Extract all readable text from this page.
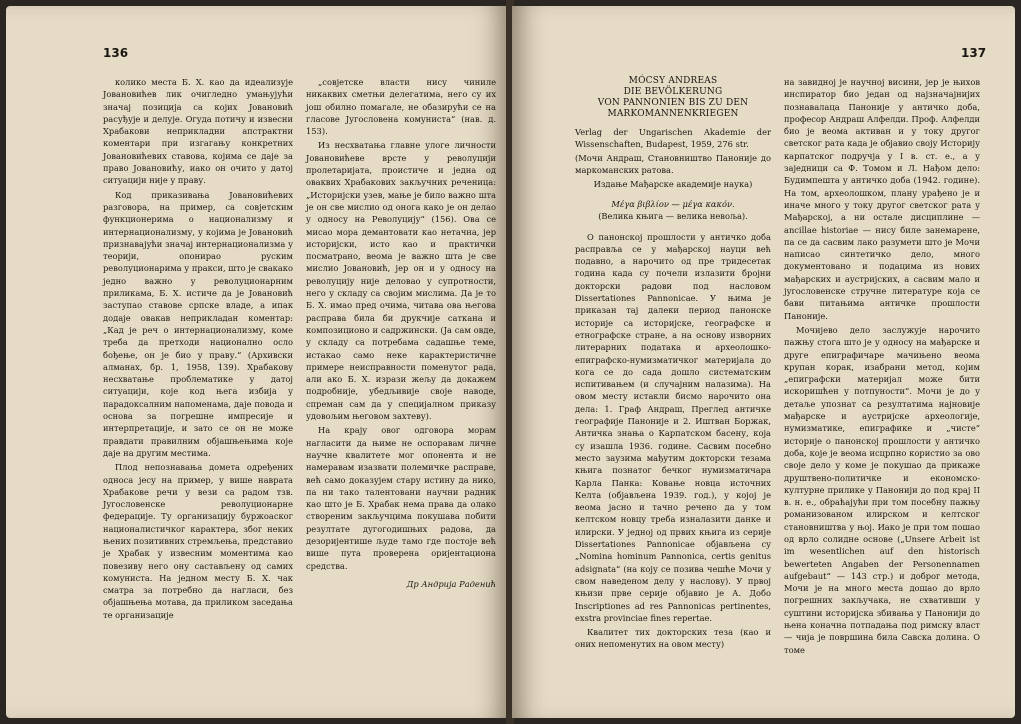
136

колико места Б. Х. као да идеализује Јовановићев лик очигледно умањујући значај позиција са којих Јовановић расуђује и делује. Огуда потичу и извесни Храбакови неприкладни апстрактни коментари при изгагању конкретних Јовановићевих ставова, којима се даје за право Јовановићу, иако он очито у датој ситуацији није у праву.

Код приказивања Јовановићевих разговора, на пример, са совјетским функционерима о национализму и интернационализму, у којима је Јовановић признавајући значај интернационализма у теорији, опонирао руским револуционарима у пракси, што је свакако једно важно у револуционарним приликама, Б. Х. истиче да је Јовановић заступао ставове српске владе, а ипак додаје овакав неприкладан коментар: „Кад је реч о интернационализму, коме треба да претходи национално осло бођење, он је био у праву.“ (Архивски алманах, бр. 1, 1958, 139). Храбакову несхватање проблематике у датој ситуацији, које код њега избија у парадоксалним напоменама, даје повода и основа за погрешне импресије и интерпретације, и зато се он не може правдати правилним објашњењима које даје на другим местима.

Плод непознавања домета одређених односа јесу на пример, у више наврата Храбакове речи у вези са радом тзв. Југословенске револуционарне федерације. Ту организацију буржоаског националистичког карактера, због неких њених позитивних стремљења, представио је Храбак у извесним моментима као повезиву него ону састављену од самих комуниста. На једном месту Б. Х. чак сматра за потребно да нагласи, без објашњења мотава, да приликом заседања те организације

„совјетске власти нису чиниле никаквих сметњи делегатима, него су их још обилно помагале, не обазирући се на гласове Југословена комуниста“ (нав. д. 153).

Из несхватања главне улоге личности Јовановићеве врсте у револуцији пролетаријата, проистиче и једна од оваквих Храбакових закључних реченица: „Историјски узев, мање је било важно шта је он све мислио од онога како је он делао у односу на Револуцију“ (156). Ова се мисао мора демантовати као нетачна, јер историјски, исто као и практички посматрано, веома је важно шта је све мислио Јовановић, јер он и у односу на револуцију није деловао у супротности, него у складу са својим мислима. Да је то Б. Х. имао пред очима, читава ова његова расправа била би друкчије саткана и композиционо и садржински. (Ја сам овде, у складу са потребама садашње теме, истакао само неке карактеристичне примере неисправности поменутог рада, али ако Б. Х. изрази жељу да докажем подробније, убедљивије своје наводе, спреман сам да у специјалном приказу удовољим његовом захтеву).

На крају овог одговора морам нагласити да њиме не оспоравам личне научне квалитете мог опонента и не намеравам изазвати полемичке расправе, већ само доказујем стару истину да нико, па ни тако талентовани научни радник као што је Б. Храбак нема права да олако створеним закључцима покушава побити резултате дугогодишњих радова, да дезоријентише људе тамо где постоје већ више пута проверена оријентациона средства.

Др Андрија Раденић

137
MÓCSY ANDREAS
DIE BEVÖLKERUNG
VON PANNONIEN BIS ZU DEN
MARKOMANNENKRIEGEN

Verlag der Ungarischen Akademie der Wissenschaften, Budapest, 1959, 276 str.

(Мочи Андраш, Становништво Паноније до маркоманских ратова.

Издање Мађарске академије наука)

Μέγα βιβλίον — μέγα κακόν.
(Велика књига — велика невоља).

О панонској прошлости у античко доба расправља се у мађарској науци већ подавно, а нарочито од пре тридесетак година када су почели излазити бројни докторски радови под насловом Dissertationes Pannonicae. У њима је приказан тај далеки период панонске историје са историјске, географске и етнографске стране, а на основу изворних литерарних података и археолошко-епиграфско-нумизматичког материјала до кога се до сада дошло систематским испитивањем (и случајним налазима). На овом месту истакли бисмо нарочито она дела: 1. Граф Андраш, Преглед античке географије Паноније и 2. Иштван Боржак, Античка знања о Карпатском басену, која су изашла 1936. године. Сасвим посебно место заузима мађутим докторски тезама књига познатог бечког нумизматичара Карла Панка: Ковање новца источних Келта (објављена 1939. год.), у којој је веома јасно и тачно речено да у том келтском новцу треба изналазити данке и илирски. У једној од првих књига из серије Dissertationes Pannonicae објављена су „Nomina hominum Pannonica, certis genitus adsignata“ (на коју се позива чешће Мочи у свом наведеном делу у наслову). У првој књизи прве серије објавио је А. Добо Inscriptiones ad res Pannonicas pertinentes, exstra provinciae fines repertae.

Квалитет тих докторских теза (као и оних непоменутих на овом месту)

на завидној је научној висини, јер је њихов инспиратор био један од најзначајнијих познавалаца Паноније у античко доба, професор Андраш Алфелди. Проф. Алфелди био је веома активан и у току другог светског рата када је објавио своју Историју карпатског подручја у I в. ст. е., а у заједници са Ф. Томом и Л. Нађом дело: Будимпешта у античко доба (1942. године). На том, археолошком, плану урађено је и иначе много у току другог светског рата у Мађарској, а ни остале дисциплине — ancillae historiae — нису биле занемарене, па се да сасвим лако разумети што је Мочи написао синтетичко дело, много документовано и подацима из нових мађарских и аустријских, а сасвим мало и југословенске стручне литературе која се бави питањима античке прошлости Паноније.

Мочијево дело заслужује нарочито пажњу стога што је у односу на мађарске и друге епиграфичаре мачињено веома крупан корак, изабрани метод, којим „епиграфски материјал може бити искоришћен у потпуности“. Мочи је до у детаље упознат са резултатима најновије мађарске и аустријске археологије, нумизматике, епиграфике и „чисте“ историје о панонској прошлости у античко доба, које је веома исцрпно користио за ово своје дело у коме је покушао да прикаже друштвено-политичке и економско-културне прилике у Панонији до под крај II в. н. е., обраћајући при том посебну пажњу романизованом илирском и келтског становништва у њој. Иако је при том пошао од врло солидне основе („Unsere Arbeit ist im wesentlichen auf den historisch bewerteten Angaben der Personennamen aufgebaut“ — 143 стр.) и доброг метода, Мочи је на много места дошао до врло погрешних закључака, не схвативши у суштини историјска збивања у Панонији до њена коначна потпадања под римску власт — чија је површина била Савска долина. О томе
